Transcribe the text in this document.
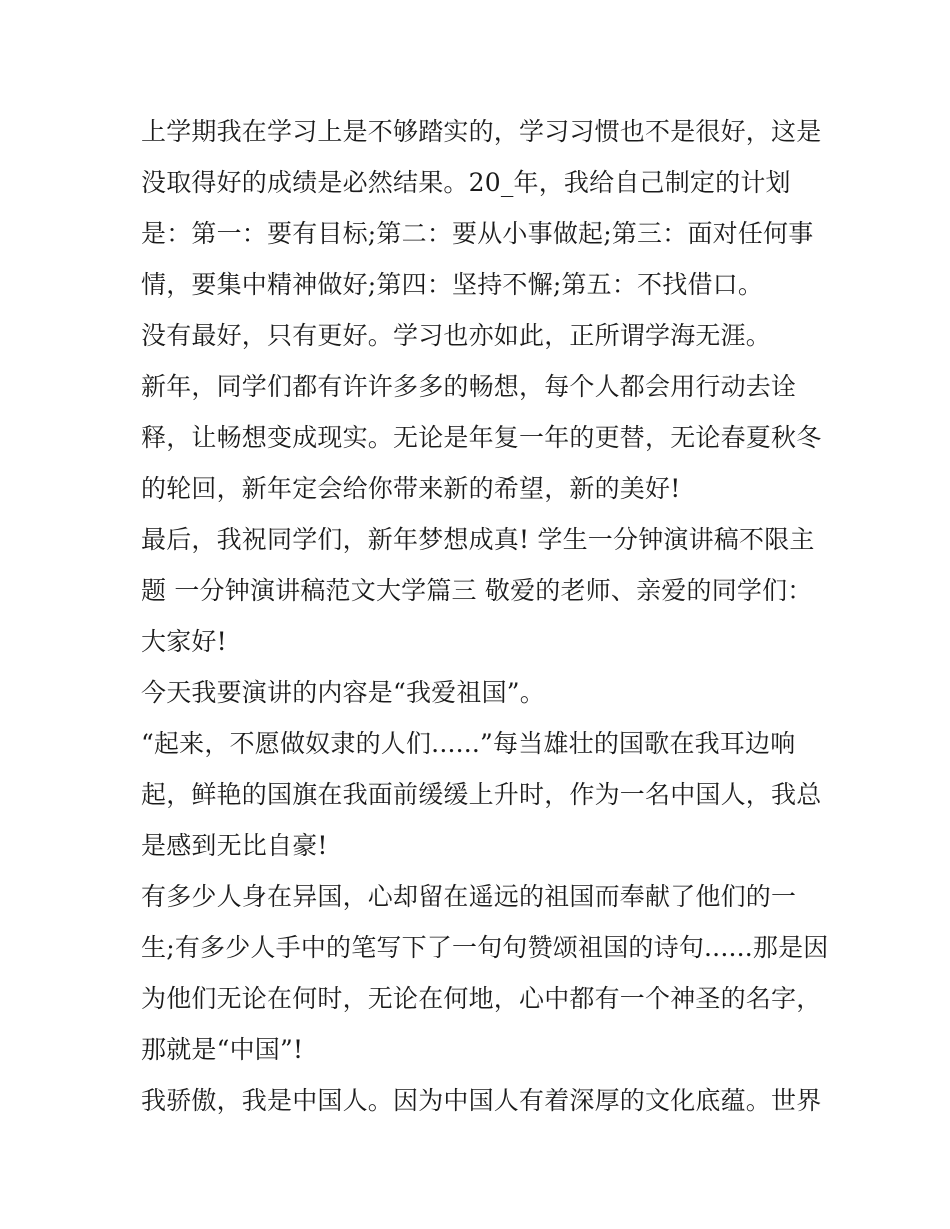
上学期我在学习上是不够踏实的，学习习惯也不是很好，这是
没取得好的成绩是必然结果。20_年，我给自己制定的计划
是：第一：要有目标;第二：要从小事做起;第三：面对任何事
情，要集中精神做好;第四：坚持不懈;第五：不找借口。
没有最好，只有更好。学习也亦如此，正所谓学海无涯。
新年，同学们都有许许多多的畅想，每个人都会用行动去诠
释，让畅想变成现实。无论是年复一年的更替，无论春夏秋冬
的轮回，新年定会给你带来新的希望，新的美好!
最后，我祝同学们，新年梦想成真! 学生一分钟演讲稿不限主
题 一分钟演讲稿范文大学篇三 敬爱的老师、亲爱的同学们：
大家好!
今天我要演讲的内容是“我爱祖国”。
“起来，不愿做奴隶的人们......”每当雄壮的国歌在我耳边响
起，鲜艳的国旗在我面前缓缓上升时，作为一名中国人，我总
是感到无比自豪!
有多少人身在异国，心却留在遥远的祖国而奉献了他们的一
生;有多少人手中的笔写下了一句句赞颂祖国的诗句......那是因
为他们无论在何时，无论在何地，心中都有一个神圣的名字，
那就是“中国”!
我骄傲，我是中国人。因为中国人有着深厚的文化底蕴。世界
